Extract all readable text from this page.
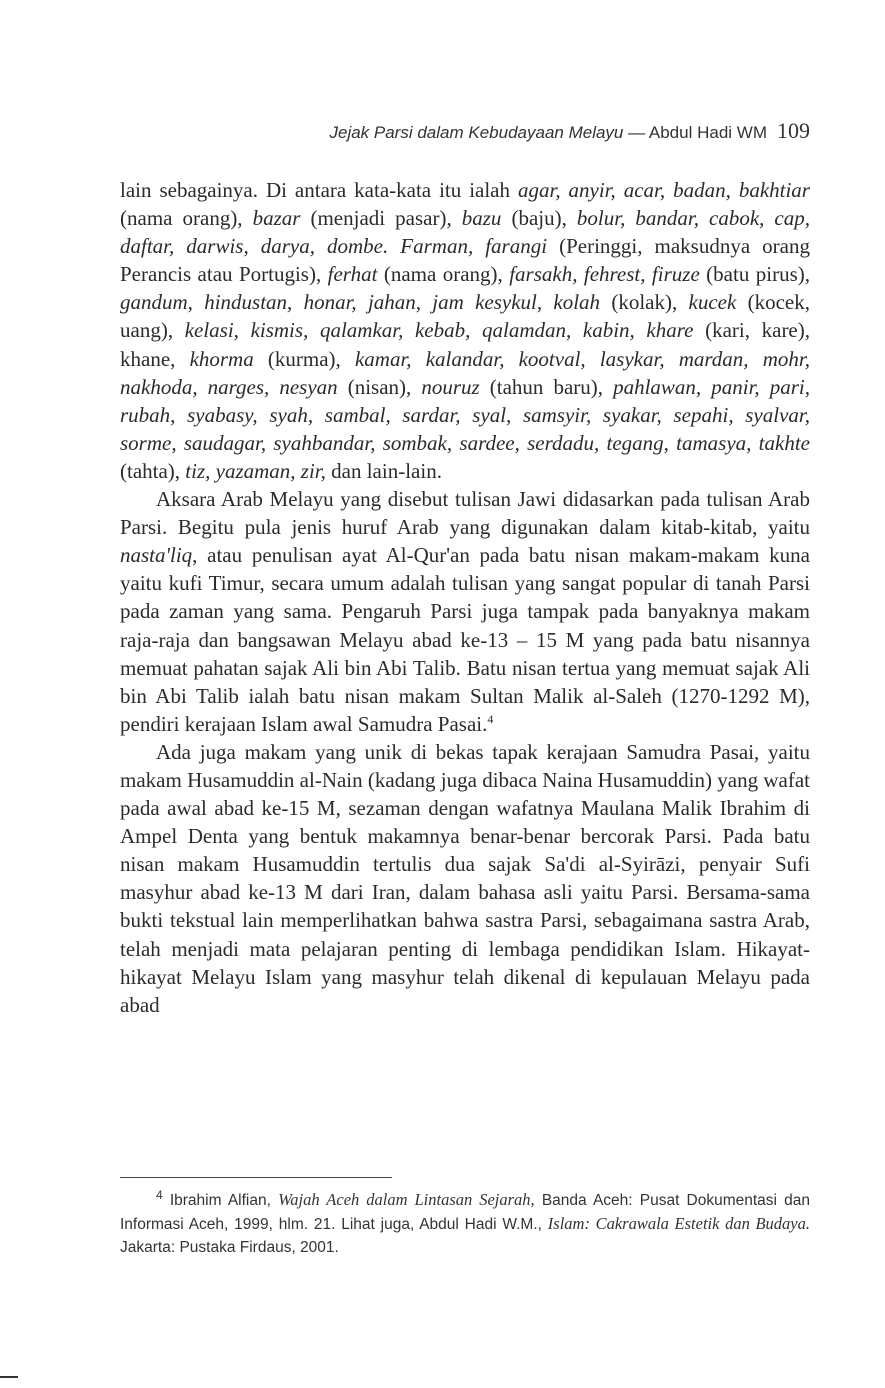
Jejak Parsi dalam Kebudayaan Melayu — Abdul Hadi WM 109

lain sebagainya. Di antara kata-kata itu ialah agar, anyir, acar, badan, bakhtiar (nama orang), bazar (menjadi pasar), bazu (baju), bolur, bandar, cabok, cap, daftar, darwis, darya, dombe. Farman, farangi (Peringgi, maksudnya orang Perancis atau Portugis), ferhat (nama orang), farsakh, fehrest, firuze (batu pirus), gandum, hindustan, honar, jahan, jam kesykul, kolah (kolak), kucek (kocek, uang), kelasi, kismis, qalamkar, kebab, qalamdan, kabin, khare (kari, kare), khane, khorma (kurma), kamar, kalandar, kootval, lasykar, mardan, mohr, nakhoda, narges, nesyan (nisan), nouruz (tahun baru), pahlawan, panir, pari, rubah, syabasy, syah, sambal, sardar, syal, samsyir, syakar, sepahi, syalvar, sorme, saudagar, syahbandar, sombak, sardee, serdadu, tegang, tamasya, takhte (tahta), tiz, yazaman, zir, dan lain-lain.

Aksara Arab Melayu yang disebut tulisan Jawi didasarkan pada tulisan Arab Parsi. Begitu pula jenis huruf Arab yang digunakan dalam kitab-kitab, yaitu nasta'liq, atau penulisan ayat Al-Qur'an pada batu nisan makam-makam kuna yaitu kufi Timur, secara umum adalah tulisan yang sangat popular di tanah Parsi pada zaman yang sama. Pengaruh Parsi juga tampak pada banyaknya makam raja-raja dan bangsawan Melayu abad ke-13 – 15 M yang pada batu nisannya memuat pahatan sajak Ali bin Abi Talib. Batu nisan tertua yang memuat sajak Ali bin Abi Talib ialah batu nisan makam Sultan Malik al-Saleh (1270-1292 M), pendiri kerajaan Islam awal Samudra Pasai.$^4$

Ada juga makam yang unik di bekas tapak kerajaan Samudra Pasai, yaitu makam Husamuddin al-Nain (kadang juga dibaca Naina Husamuddin) yang wafat pada awal abad ke-15 M, sezaman dengan wafatnya Maulana Malik Ibrahim di Ampel Denta yang bentuk makamnya benar-benar bercorak Parsi. Pada batu nisan makam Husamuddin tertulis dua sajak Sa'di al-Syirāzi, penyair Sufi masyhur abad ke-13 M dari Iran, dalam bahasa asli yaitu Parsi. Bersama-sama bukti tekstual lain memperlihatkan bahwa sastra Parsi, sebagaimana sastra Arab, telah menjadi mata pelajaran penting di lembaga pendidikan Islam. Hikayat-hikayat Melayu Islam yang masyhur telah dikenal di kepulauan Melayu pada abad

$^4$ Ibrahim Alfian, Wajah Aceh dalam Lintasan Sejarah, Banda Aceh: Pusat Dokumentasi dan Informasi Aceh, 1999, hlm. 21. Lihat juga, Abdul Hadi W.M., Islam: Cakrawala Estetik dan Budaya. Jakarta: Pustaka Firdaus, 2001.
